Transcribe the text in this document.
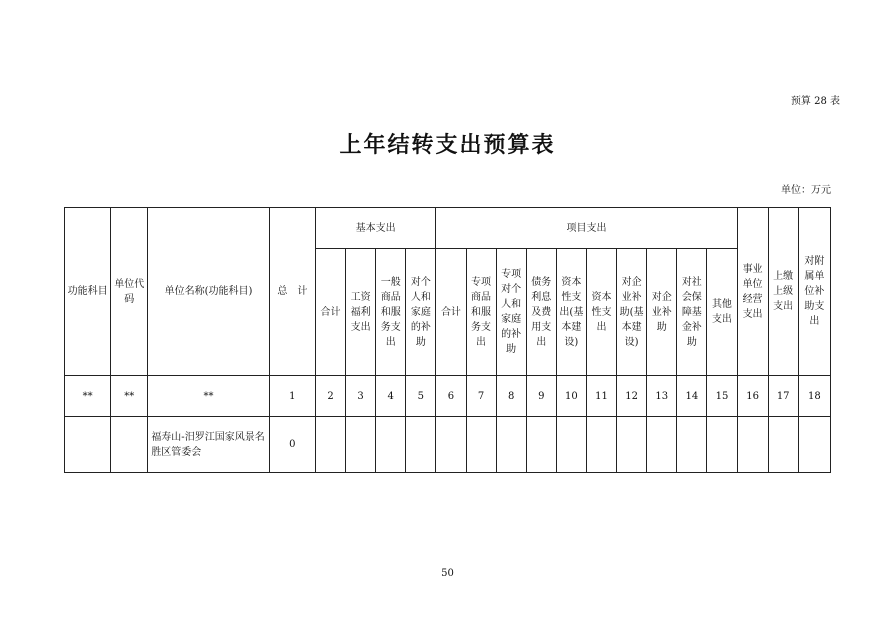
预算 28 表
上年结转支出预算表
单位：万元
功能科目	单位代码	单位名称(功能科目)	总　计	基本支出				项目支出										事业单位经营支出	上缴上级支出	对附属单位补助支出
				合计	工资福利支出	一般商品和服务支出	对个人和家庭的补助	合计	专项商品和服务支出	专项对个人和家庭的补助	债务利息及费用支出	资本性支出(基本建设)	资本性支出	对企业补助(基本建设)	对企业补助	对社会保障基金补助	其他支出			
**	**	**	1	2	3	4	5	6	7	8	9	10	11	12	13	14	15	16	17	18
		福寿山-汨罗江国家风景名胜区管委会	0																	
50
